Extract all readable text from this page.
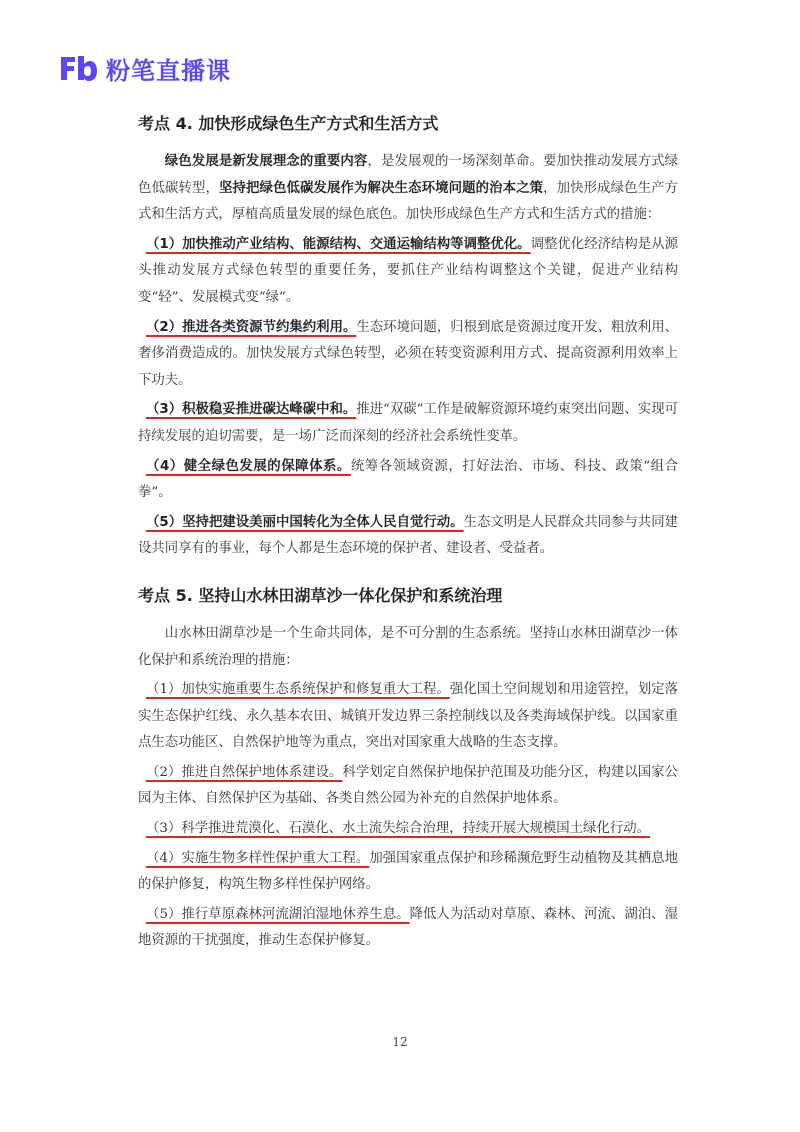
粉笔直播课
考点 4. 加快形成绿色生产方式和生活方式

绿色发展是新发展理念的重要内容，是发展观的一场深刻革命。要加快推动发展方式绿色低碳转型，坚持把绿色低碳发展作为解决生态环境问题的治本之策，加快形成绿色生产方式和生活方式，厚植高质量发展的绿色底色。加快形成绿色生产方式和生活方式的措施：

（1）加快推动产业结构、能源结构、交通运输结构等调整优化。调整优化经济结构是从源头推动发展方式绿色转型的重要任务，要抓住产业结构调整这个关键，促进产业结构变“轻”、发展模式变“绿”。

（2）推进各类资源节约集约利用。生态环境问题，归根到底是资源过度开发、粗放利用、奢侈消费造成的。加快发展方式绿色转型，必须在转变资源利用方式、提高资源利用效率上下功夫。

（3）积极稳妥推进碳达峰碳中和。推进“双碳”工作是破解资源环境约束突出问题、实现可持续发展的迫切需要，是一场广泛而深刻的经济社会系统性变革。

（4）健全绿色发展的保障体系。统筹各领域资源，打好法治、市场、科技、政策“组合拳”。

（5）坚持把建设美丽中国转化为全体人民自觉行动。生态文明是人民群众共同参与共同建设共同享有的事业，每个人都是生态环境的保护者、建设者、受益者。

考点 5. 坚持山水林田湖草沙一体化保护和系统治理

山水林田湖草沙是一个生命共同体，是不可分割的生态系统。坚持山水林田湖草沙一体化保护和系统治理的措施：

（1）加快实施重要生态系统保护和修复重大工程。强化国土空间规划和用途管控，划定落实生态保护红线、永久基本农田、城镇开发边界三条控制线以及各类海域保护线。以国家重点生态功能区、自然保护地等为重点，突出对国家重大战略的生态支撑。

（2）推进自然保护地体系建设。科学划定自然保护地保护范围及功能分区，构建以国家公园为主体、自然保护区为基础、各类自然公园为补充的自然保护地体系。

（3）科学推进荒漠化、石漠化、水土流失综合治理，持续开展大规模国土绿化行动。

（4）实施生物多样性保护重大工程。加强国家重点保护和珍稀濒危野生动植物及其栖息地的保护修复，构筑生物多样性保护网络。

（5）推行草原森林河流湖泊湿地休养生息。降低人为活动对草原、森林、河流、湖泊、湿地资源的干扰强度，推动生态保护修复。

12
